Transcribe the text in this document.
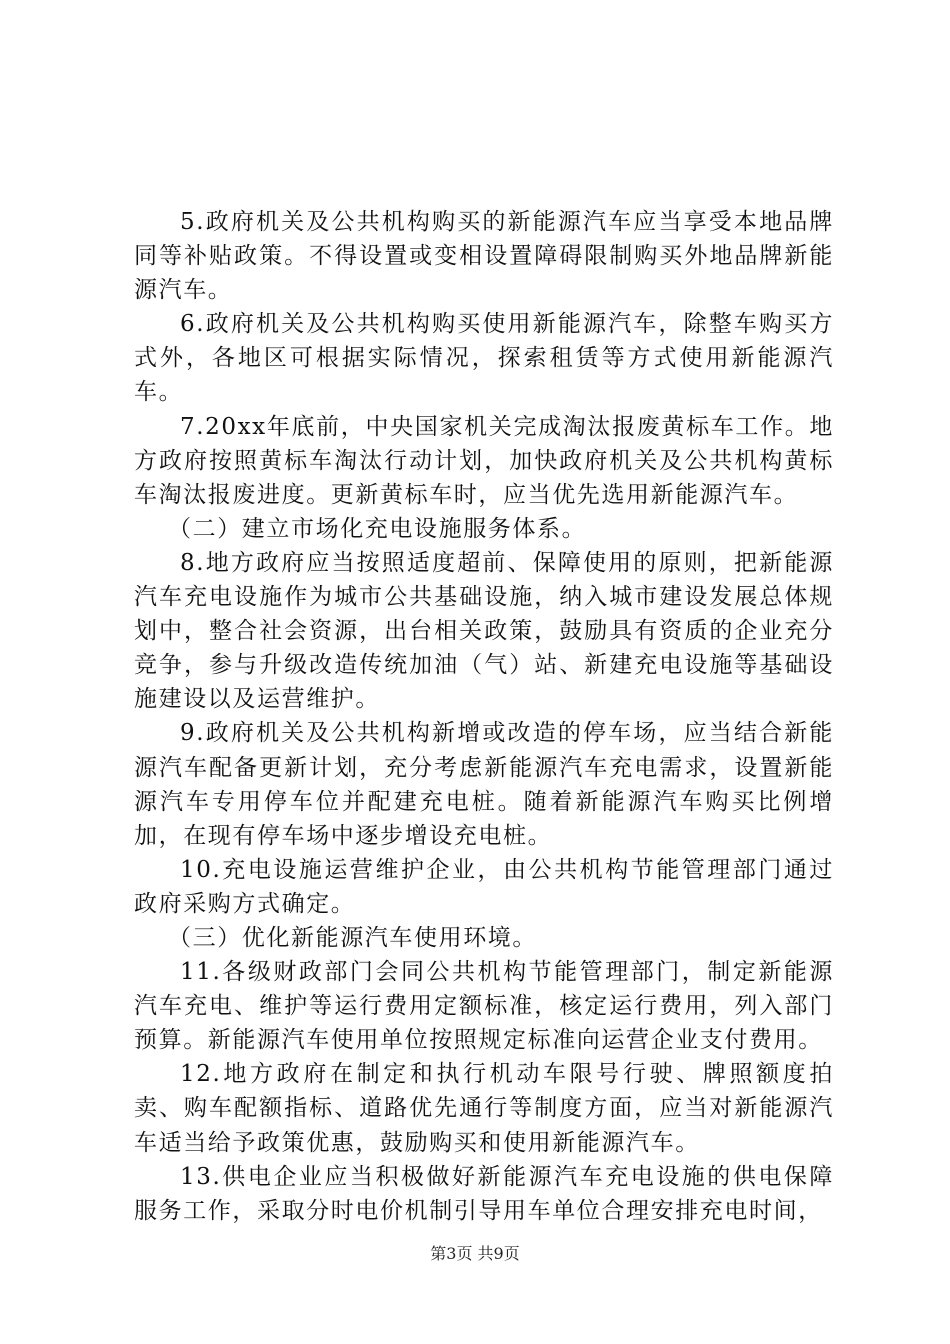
5.政府机关及公共机构购买的新能源汽车应当享受本地品牌同等补贴政策。不得设置或变相设置障碍限制购买外地品牌新能源汽车。

6.政府机关及公共机构购买使用新能源汽车，除整车购买方式外，各地区可根据实际情况，探索租赁等方式使用新能源汽车。

7.20xx年底前，中央国家机关完成淘汰报废黄标车工作。地方政府按照黄标车淘汰行动计划，加快政府机关及公共机构黄标车淘汰报废进度。更新黄标车时，应当优先选用新能源汽车。

（二）建立市场化充电设施服务体系。

8.地方政府应当按照适度超前、保障使用的原则，把新能源汽车充电设施作为城市公共基础设施，纳入城市建设发展总体规划中，整合社会资源，出台相关政策，鼓励具有资质的企业充分竞争，参与升级改造传统加油（气）站、新建充电设施等基础设施建设以及运营维护。

9.政府机关及公共机构新增或改造的停车场，应当结合新能源汽车配备更新计划，充分考虑新能源汽车充电需求，设置新能源汽车专用停车位并配建充电桩。随着新能源汽车购买比例增加，在现有停车场中逐步增设充电桩。

10.充电设施运营维护企业，由公共机构节能管理部门通过政府采购方式确定。

（三）优化新能源汽车使用环境。

11.各级财政部门会同公共机构节能管理部门，制定新能源汽车充电、维护等运行费用定额标准，核定运行费用，列入部门预算。新能源汽车使用单位按照规定标准向运营企业支付费用。

12.地方政府在制定和执行机动车限号行驶、牌照额度拍卖、购车配额指标、道路优先通行等制度方面，应当对新能源汽车适当给予政策优惠，鼓励购买和使用新能源汽车。

13.供电企业应当积极做好新能源汽车充电设施的供电保障服务工作，采取分时电价机制引导用车单位合理安排充电时间，

第3页 共9页
